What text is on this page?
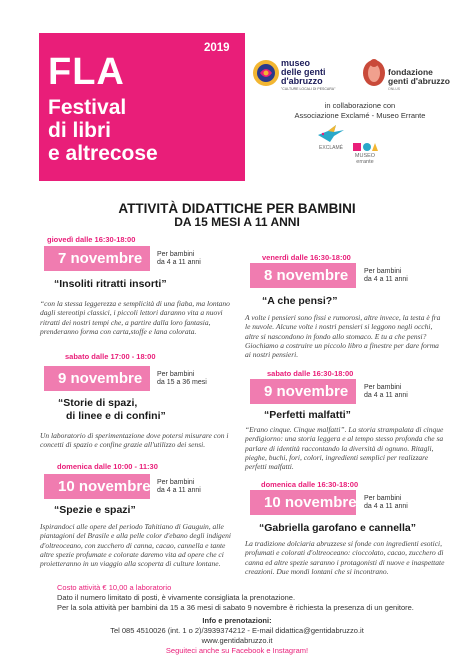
2019
FLA
Festival
di libri
e altrecose
museo
delle genti
d'abruzzo
"CULTURE LOCALI DI PESCARA"
fondazione
genti d'abruzzo
ONLUS
in collaborazione con
Associazione Exclamé - Museo Errante
EXCLAMÉ
MUSEO
errante
ATTIVITÀ DIDATTICHE PER BAMBINI
DA 15 MESI A 11 ANNI
giovedì dalle 16:30-18:00
7 novembre	Per bambini
da 4 a 11 anni
“Insoliti ritratti insorti”
“con la stessa leggerezza e semplicità di una fiaba, ma lontano dagli stereotipi classici, i piccoli lettori daranno vita a nuovi ritratti dei nostri tempi che, a partire dalla loro fantasia, prenderanno forma con carta,stoffe e lana colorata.
sabato dalle 17:00 - 18:00
9 novembre	Per bambini
da 15 a 36 mesi
“Storie di spazi,
di linee e di confini”
Un laboratorio di sperimentazione dove potersi misurare con i concetti di spazio e confine grazie all'utilizzo dei sensi.
domenica dalle 10:00 - 11:30
10 novembre Per bambini
da 4 a 11 anni
“Spezie e spazi”
Ispirandoci alle opere del periodo Tahitiano di Gauguin, alle piantagioni del Brasile e alla pelle color d'ebano degli indigeni d'oltreoceano, con zucchero di canna, cacao, cannella e tante altre spezie profumate e colorate daremo vita ad opere che ci proietteranno in un viaggio alla scoperta di culture lontane.
venerdì dalle 16:30-18:00
8 novembre	Per bambini
da 4 a 11 anni
“A che pensi?”
A volte i pensieri sono fissi e rumorosi, altre invece, la testa è fra le nuvole. Alcune volte i nostri pensieri si leggono negli occhi, altre si nascondono in fondo allo stomaco. E tu a che pensi? Giochiamo a costruire un piccolo libro a finestre per dare forma ai nostri pensieri.
sabato dalle 16:30-18:00
9 novembre	Per bambini
da 4 a 11 anni
“Perfetti malfatti”
“Erano cinque. Cinque malfatti”. La storia strampalata di cinque perdigiorno: una storia leggera e al tempo stesso profonda che sa parlare di identità raccontando la diversità di ognuno. Ritagli, pieghe, buchi, fori, colori, ingredienti semplici per realizzare perfetti malfatti.
domenica dalle 16:30-18:00
10 novembre Per bambini
da 4 a 11 anni
“Gabriella garofano e cannella”
La tradizione dolciaria abruzzese si fonde con ingredienti esotici, profumati e colorati d'oltreoceano: cioccolato, cacao, zucchero di canna ed altre spezie saranno i protagonisti di nuove e inaspettate creazioni. Due mondi lontani che si incontrano.
Costo attività € 10,00 a laboratorio
Dato il numero limitato di posti, è vivamente consigliata la prenotazione.
Per la sola attività per bambini da 15 a 36 mesi di sabato 9 novembre è richiesta la presenza di un genitore.
Info e prenotazioni:
Tel 085 4510026 (int. 1 o 2)/3939374212 - E-mail didattica@gentidabruzzo.it
www.gentidabruzzo.it
Seguiteci anche su Facebook e Instagram!
